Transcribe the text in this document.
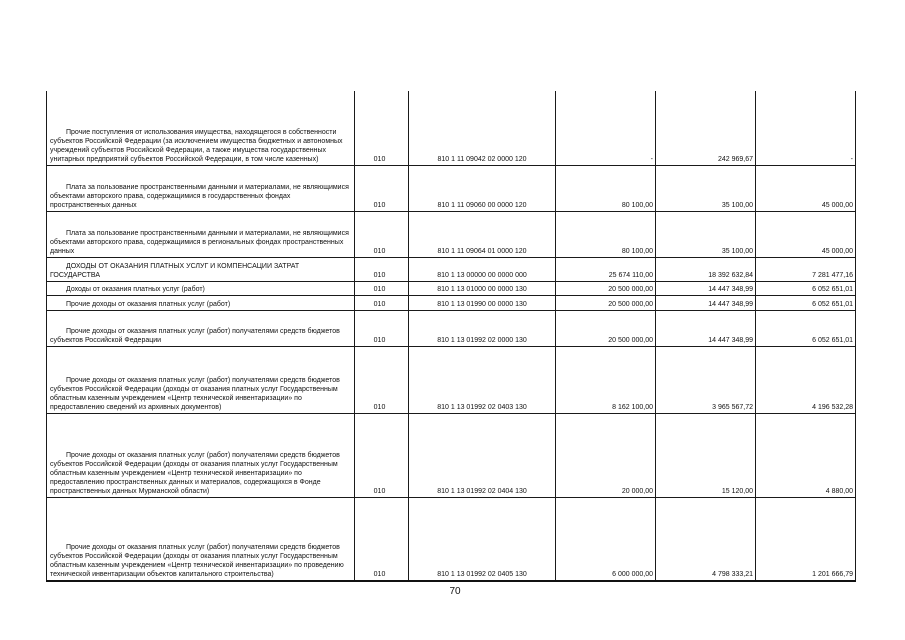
Прочие поступления от использования имущества, находящегося в собственности субъектов Российской Федерации (за исключением имущества бюджетных и автономных учреждений субъектов Российской Федерации, а также имущества государственных унитарных предприятий субъектов Российской Федерации, в том числе казенных)	010	810 1 11 09042 02 0000 120	-	242 969,67	-

Плата за пользование пространственными данными и материалами, не являющимися объектами авторского права, содержащимися в государственных фондах пространственных данных	010	810 1 11 09060 00 0000 120	80 100,00	35 100,00	45 000,00

Плата за пользование пространственными данными и материалами, не являющимися объектами авторского права, содержащимися в региональных фондах пространственных данных	010	810 1 11 09064 01 0000 120	80 100,00	35 100,00	45 000,00

ДОХОДЫ ОТ ОКАЗАНИЯ ПЛАТНЫХ УСЛУГ И КОМПЕНСАЦИИ ЗАТРАТ ГОСУДАРСТВА	010	810 1 13 00000 00 0000 000	25 674 110,00	18 392 632,84	7 281 477,16

Доходы от оказания платных услуг (работ)	010	810 1 13 01000 00 0000 130	20 500 000,00	14 447 348,99	6 052 651,01

Прочие доходы от оказания платных услуг (работ)	010	810 1 13 01990 00 0000 130	20 500 000,00	14 447 348,99	6 052 651,01

Прочие доходы от оказания платных услуг (работ) получателями средств бюджетов субъектов Российской Федерации	010	810 1 13 01992 02 0000 130	20 500 000,00	14 447 348,99	6 052 651,01

Прочие доходы от оказания платных услуг (работ) получателями средств бюджетов субъектов Российской Федерации (доходы от оказания платных услуг Государственным областным казенным учреждением «Центр технической инвентаризации» по предоставлению сведений из архивных документов)	010	810 1 13 01992 02 0403 130	8 162 100,00	3 965 567,72	4 196 532,28

Прочие доходы от оказания платных услуг (работ) получателями средств бюджетов субъектов Российской Федерации (доходы от оказания платных услуг Государственным областным казенным учреждением «Центр технической инвентаризации» по предоставлению пространственных данных и материалов, содержащихся в Фонде пространственных данных Мурманской области)	010	810 1 13 01992 02 0404 130	20 000,00	15 120,00	4 880,00

Прочие доходы от оказания платных услуг (работ) получателями средств бюджетов субъектов Российской Федерации (доходы от оказания платных услуг Государственным областным казенным учреждением «Центр технической инвентаризации» по проведению технической инвентаризации объектов капитального строительства)	010	810 1 13 01992 02 0405 130	6 000 000,00	4 798 333,21	1 201 666,79
70
